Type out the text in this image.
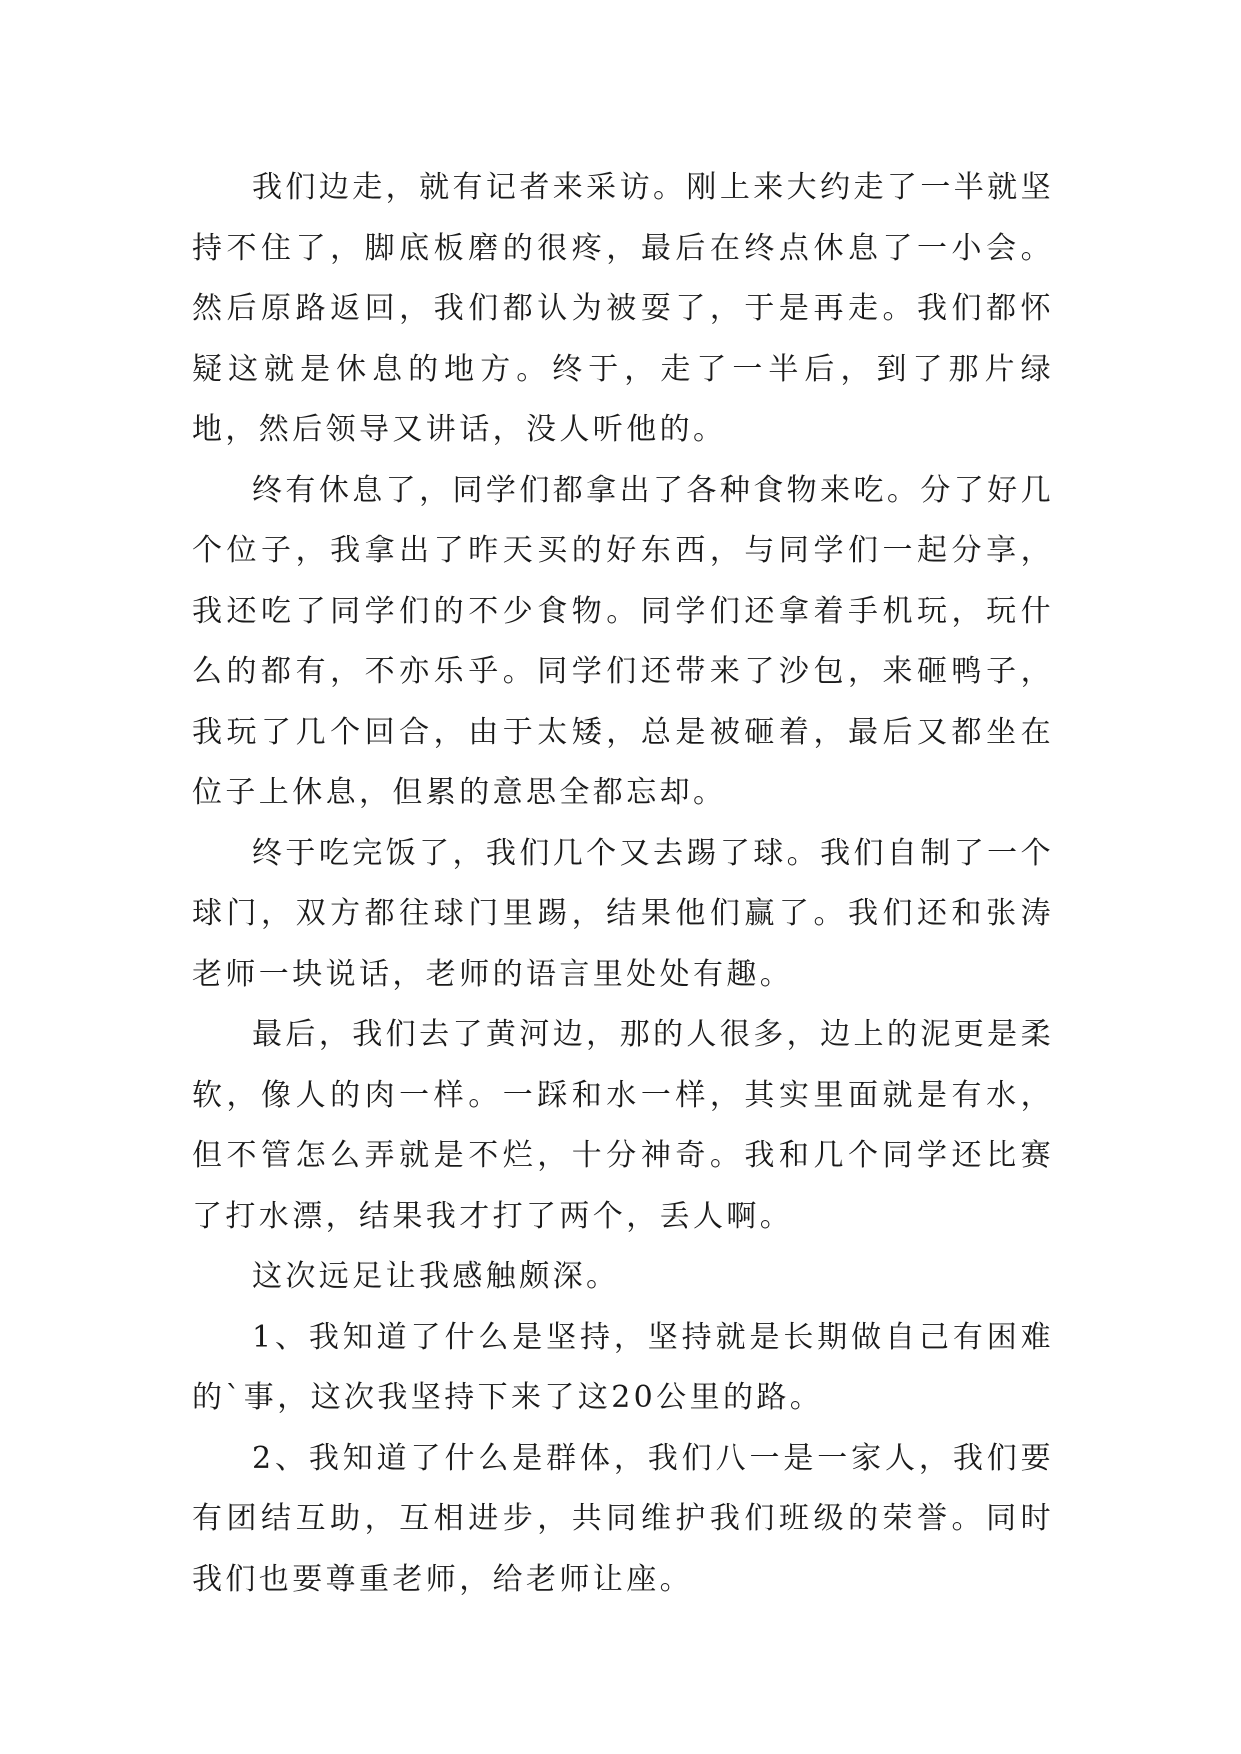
我们边走，就有记者来采访。刚上来大约走了一半就坚持不住了，脚底板磨的很疼，最后在终点休息了一小会。然后原路返回，我们都认为被耍了，于是再走。我们都怀疑这就是休息的地方。终于，走了一半后，到了那片绿地，然后领导又讲话，没人听他的。

终有休息了，同学们都拿出了各种食物来吃。分了好几个位子，我拿出了昨天买的好东西，与同学们一起分享，我还吃了同学们的不少食物。同学们还拿着手机玩，玩什么的都有，不亦乐乎。同学们还带来了沙包，来砸鸭子，我玩了几个回合，由于太矮，总是被砸着，最后又都坐在位子上休息，但累的意思全都忘却。

终于吃完饭了，我们几个又去踢了球。我们自制了一个球门，双方都往球门里踢，结果他们赢了。我们还和张涛老师一块说话，老师的语言里处处有趣。

最后，我们去了黄河边，那的人很多，边上的泥更是柔软，像人的肉一样。一踩和水一样，其实里面就是有水，但不管怎么弄就是不烂，十分神奇。我和几个同学还比赛了打水漂，结果我才打了两个，丢人啊。

这次远足让我感触颇深。

1、我知道了什么是坚持，坚持就是长期做自己有困难的`事，这次我坚持下来了这20公里的路。

2、我知道了什么是群体，我们八一是一家人，我们要有团结互助，互相进步，共同维护我们班级的荣誉。同时我们也要尊重老师，给老师让座。
